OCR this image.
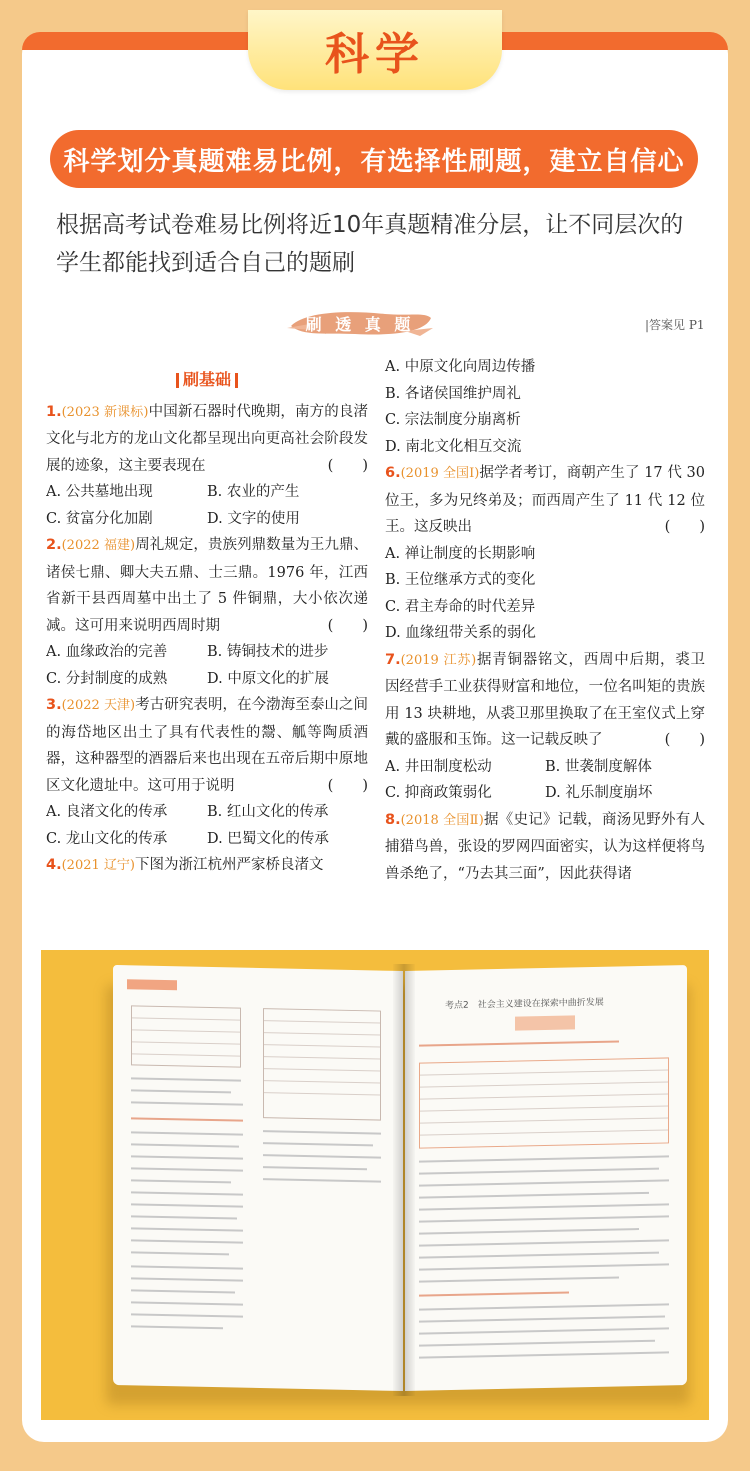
科学
科学划分真题难易比例，有选择性刷题，建立自信心
根据高考试卷难易比例将近10年真题精准分层，让不同层次的学生都能找到适合自己的题刷
刷 透 真 题	|答案见 P1
刷基础
1.(2023 新课标)中国新石器时代晚期，南方的良渚文化与北方的龙山文化都呈现出向更高社会阶段发展的迹象，这主要表现在	(　　)
A. 公共墓地出现	B. 农业的产生
C. 贫富分化加剧	D. 文字的使用
2.(2022 福建)周礼规定，贵族列鼎数量为王九鼎、诸侯七鼎、卿大夫五鼎、士三鼎。1976 年，江西省新干县西周墓中出土了 5 件铜鼎，大小依次递减。这可用来说明西周时期	(　　)
A. 血缘政治的完善	B. 铸铜技术的进步
C. 分封制度的成熟	D. 中原文化的扩展
3.(2022 天津)考古研究表明，在今渤海至泰山之间的海岱地区出土了具有代表性的鬶、觚等陶质酒器，这种器型的酒器后来也出现在五帝后期中原地区文化遗址中。这可用于说明	(　　)
A. 良渚文化的传承	B. 红山文化的传承
C. 龙山文化的传承	D. 巴蜀文化的传承
4.(2021 辽宁)下图为浙江杭州严家桥良渚文
A. 中原文化向周边传播
B. 各诸侯国维护周礼
C. 宗法制度分崩离析
D. 南北文化相互交流
6.(2019 全国Ⅰ)据学者考订，商朝产生了 17 代 30 位王，多为兄终弟及；而西周产生了 11 代 12 位王。这反映出	(　　)
A. 禅让制度的长期影响
B. 王位继承方式的变化
C. 君主寿命的时代差异
D. 血缘纽带关系的弱化
7.(2019 江苏)据青铜器铭文，西周中后期，裘卫因经营手工业获得财富和地位，一位名叫矩的贵族用 13 块耕地，从裘卫那里换取了在王室仪式上穿戴的盛服和玉饰。这一记载反映了	(　　)
A. 井田制度松动	B. 世袭制度解体
C. 抑商政策弱化	D. 礼乐制度崩坏
8.(2018 全国Ⅱ)据《史记》记载，商汤见野外有人捕猎鸟兽，张设的罗网四面密实，认为这样便将鸟兽杀绝了，“乃去其三面”，因此获得诸
考点2　社会主义建设在探索中曲折发展
